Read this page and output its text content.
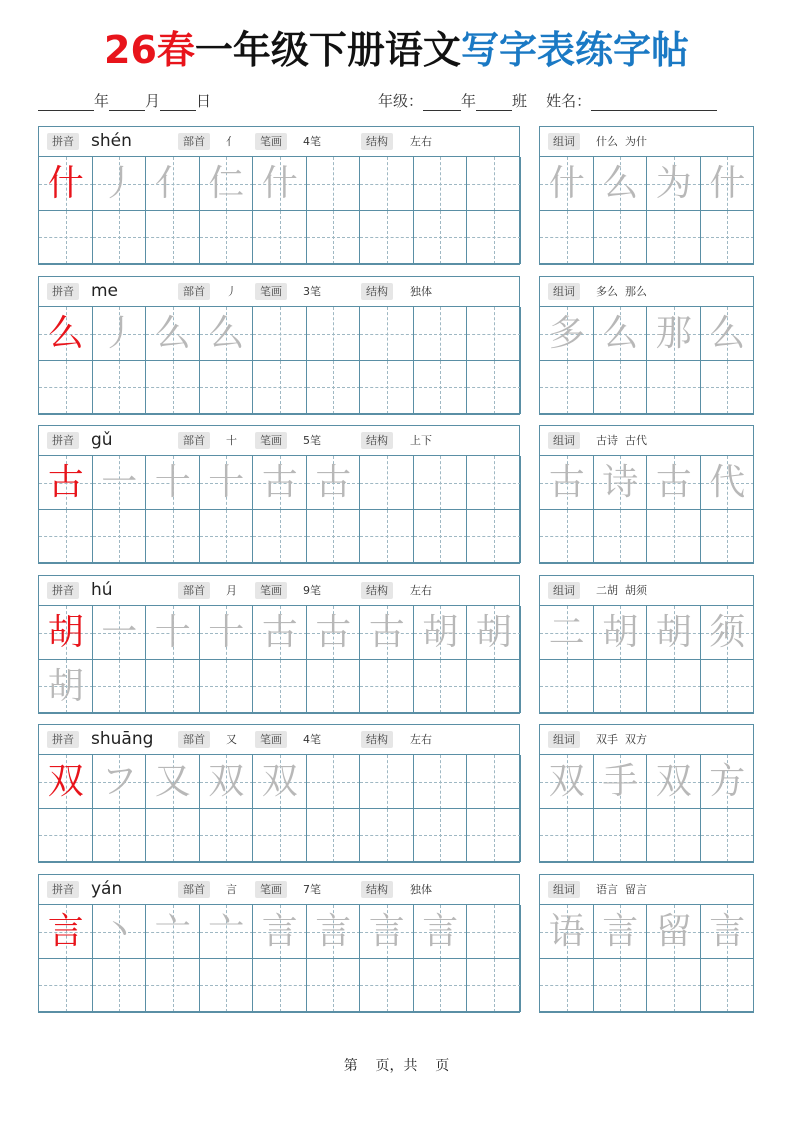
26春一年级下册语文写字表练字帖
年 月 日	年级：	年 班 姓名：
拼音 shén	部首	亻	笔画	4笔	结构	左右
什 丿 亻 仁 什
组词	什么  为什
什 么 为 什
拼音 me	部首	丿	笔画	3笔	结构	独体
么 丿 么 么
组词	多么  那么
多 么 那 么
拼音 gǔ	部首	十	笔画	5笔	结构	上下
古 一 十 十 古 古
组词	古诗  古代
古 诗 古 代
拼音 hú	部首	月	笔画	9笔	结构	左右
胡 一 十 十 古 古 古 胡 胡
胡
组词	二胡  胡须
二 胡 胡 须
拼音 shuāng	部首	又	笔画	4笔	结构	左右
双 フ 又 双 双
组词	双手  双方
双 手 双 方
拼音 yán	部首	言	笔画	7笔	结构	独体
言 丶 亠 亠 言 言 言 言
组词	语言  留言
语 言 留 言
第    页，共    页
